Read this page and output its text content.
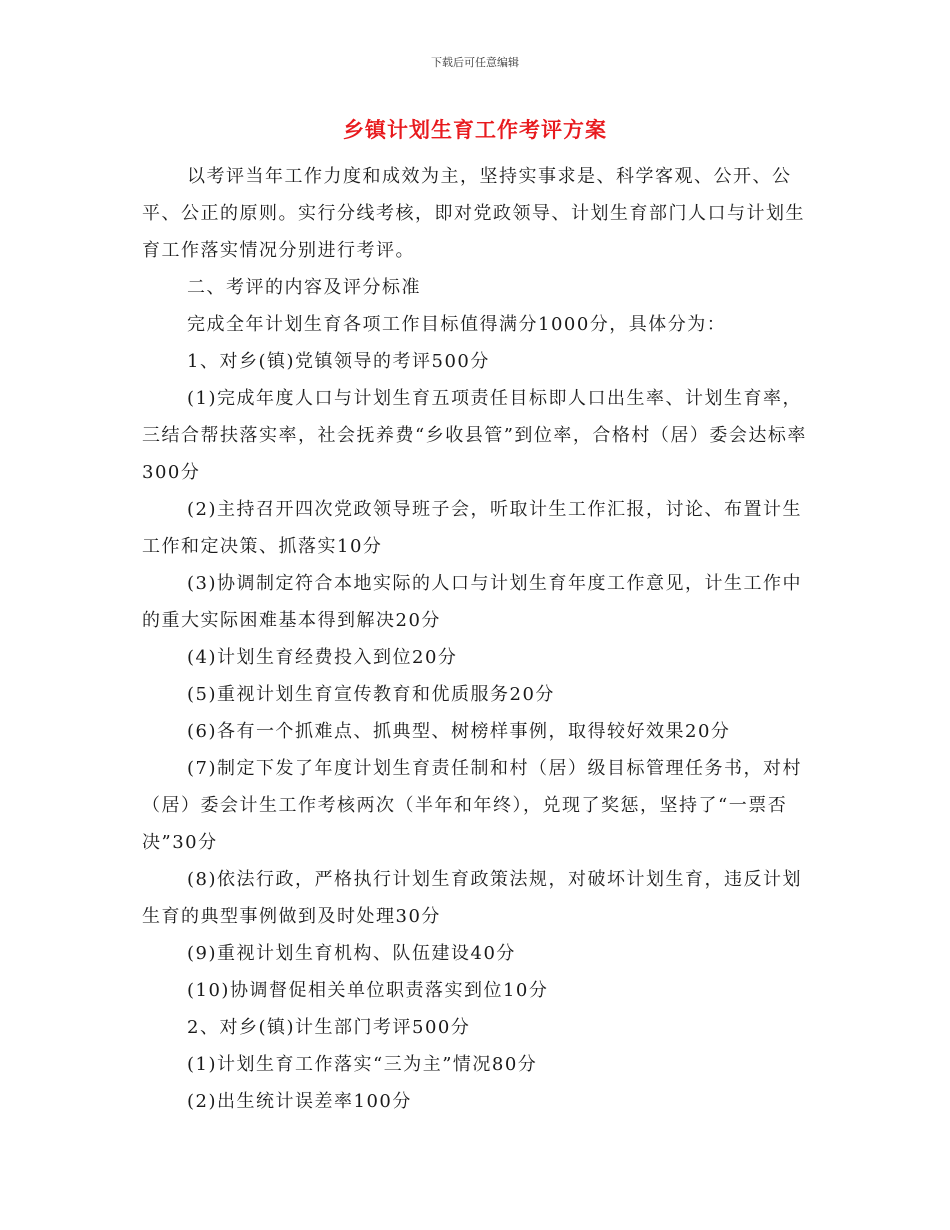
下载后可任意编辑
乡镇计划生育工作考评方案

以考评当年工作力度和成效为主，坚持实事求是、科学客观、公开、公平、公正的原则。实行分线考核，即对党政领导、计划生育部门人口与计划生育工作落实情况分别进行考评。

二、考评的内容及评分标准

完成全年计划生育各项工作目标值得满分1000分，具体分为：

1、对乡(镇)党镇领导的考评500分

(1)完成年度人口与计划生育五项责任目标即人口出生率、计划生育率，三结合帮扶落实率，社会抚养费“乡收县管”到位率，合格村（居）委会达标率300分

(2)主持召开四次党政领导班子会，听取计生工作汇报，讨论、布置计生工作和定决策、抓落实10分

(3)协调制定符合本地实际的人口与计划生育年度工作意见，计生工作中的重大实际困难基本得到解决20分

(4)计划生育经费投入到位20分

(5)重视计划生育宣传教育和优质服务20分

(6)各有一个抓难点、抓典型、树榜样事例，取得较好效果20分

(7)制定下发了年度计划生育责任制和村（居）级目标管理任务书，对村（居）委会计生工作考核两次（半年和年终），兑现了奖惩，坚持了“一票否决”30分

(8)依法行政，严格执行计划生育政策法规，对破坏计划生育，违反计划生育的典型事例做到及时处理30分

(9)重视计划生育机构、队伍建设40分

(10)协调督促相关单位职责落实到位10分

2、对乡(镇)计生部门考评500分

(1)计划生育工作落实“三为主”情况80分

(2)出生统计误差率100分
